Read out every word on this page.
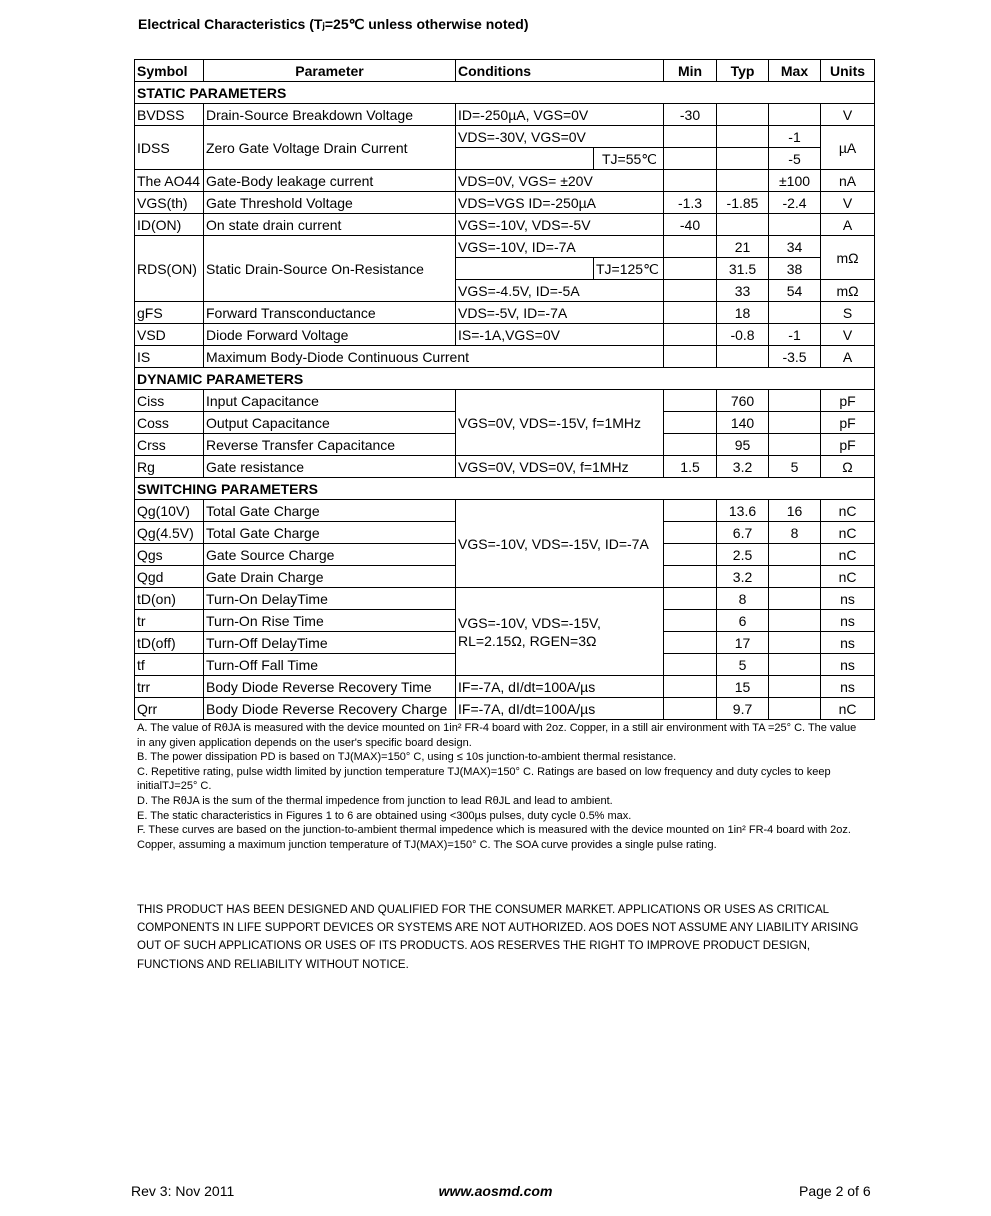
Electrical Characteristics (Tⱼ=25℃ unless otherwise noted)
Symbol	Parameter	Conditions		Min	Typ	Max	Units
STATIC PARAMETERS							
BVDSS	Drain-Source Breakdown Voltage	ID=-250µA, VGS=0V		-30			V
IDSS	Zero Gate Voltage Drain Current	VDS=-30V, VGS=0V				-1	µA
			TJ=55℃			-5	
The AO44	Gate-Body leakage current	VDS=0V, VGS= ±20V				±100	nA
VGS(th)	Gate Threshold Voltage	VDS=VGS ID=-250µA		-1.3	-1.85	-2.4	V
ID(ON)	On state drain current	VGS=-10V, VDS=-5V		-40			A
RDS(ON)	Static Drain-Source On-Resistance	VGS=-10V, ID=-7A			21	34	mΩ
			TJ=125℃		31.5	38	
		VGS=-4.5V, ID=-5A			33	54	mΩ
gFS	Forward Transconductance	VDS=-5V, ID=-7A			18		S
VSD	Diode Forward Voltage	IS=-1A,VGS=0V			-0.8	-1	V
IS	Maximum Body-Diode Continuous Current					-3.5	A
DYNAMIC PARAMETERS							
Ciss	Input Capacitance	VGS=0V, VDS=-15V, f=1MHz			760		pF
Coss	Output Capacitance				140		pF
Crss	Reverse Transfer Capacitance				95		pF
Rg	Gate resistance	VGS=0V, VDS=0V, f=1MHz		1.5	3.2	5	Ω
SWITCHING PARAMETERS							
Qg(10V)	Total Gate Charge	VGS=-10V, VDS=-15V, ID=-7A			13.6	16	nC
Qg(4.5V)	Total Gate Charge				6.7	8	nC
Qgs	Gate Source Charge				2.5		nC
Qgd	Gate Drain Charge				3.2		nC
tD(on)	Turn-On DelayTime	VGS=-10V, VDS=-15V,
RL=2.15Ω, RGEN=3Ω			8		ns
tr	Turn-On Rise Time				6		ns
tD(off)	Turn-Off DelayTime				17		ns
tf	Turn-Off Fall Time				5		ns
trr	Body Diode Reverse Recovery Time	IF=-7A, dI/dt=100A/µs			15		ns
Qrr	Body Diode Reverse Recovery Charge	IF=-7A, dI/dt=100A/µs			9.7		nC

A. The value of RθJA is measured with the device mounted on 1in² FR-4 board with 2oz. Copper, in a still air environment with TA =25° C. The value in any given application depends on the user's specific board design.

B. The power dissipation PD is based on TJ(MAX)=150° C, using ≤ 10s junction-to-ambient thermal resistance.

C. Repetitive rating, pulse width limited by junction temperature TJ(MAX)=150° C. Ratings are based on low frequency and duty cycles to keep initialTJ=25° C.

D. The RθJA is the sum of the thermal impedence from junction to lead RθJL and lead to ambient.

E. The static characteristics in Figures 1 to 6 are obtained using <300µs pulses, duty cycle 0.5% max.

F. These curves are based on the junction-to-ambient thermal impedence which is measured with the device mounted on 1in² FR-4 board with 2oz. Copper, assuming a maximum junction temperature of TJ(MAX)=150° C. The SOA curve provides a single pulse rating.

THIS PRODUCT HAS BEEN DESIGNED AND QUALIFIED FOR THE CONSUMER MARKET. APPLICATIONS OR USES AS CRITICAL COMPONENTS IN LIFE SUPPORT DEVICES OR SYSTEMS ARE NOT AUTHORIZED. AOS DOES NOT ASSUME ANY LIABILITY ARISING OUT OF SUCH APPLICATIONS OR USES OF ITS PRODUCTS. AOS RESERVES THE RIGHT TO IMPROVE PRODUCT DESIGN, FUNCTIONS AND RELIABILITY WITHOUT NOTICE.
Rev 3: Nov 2011	www.aosmd.com	Page 2 of 6
